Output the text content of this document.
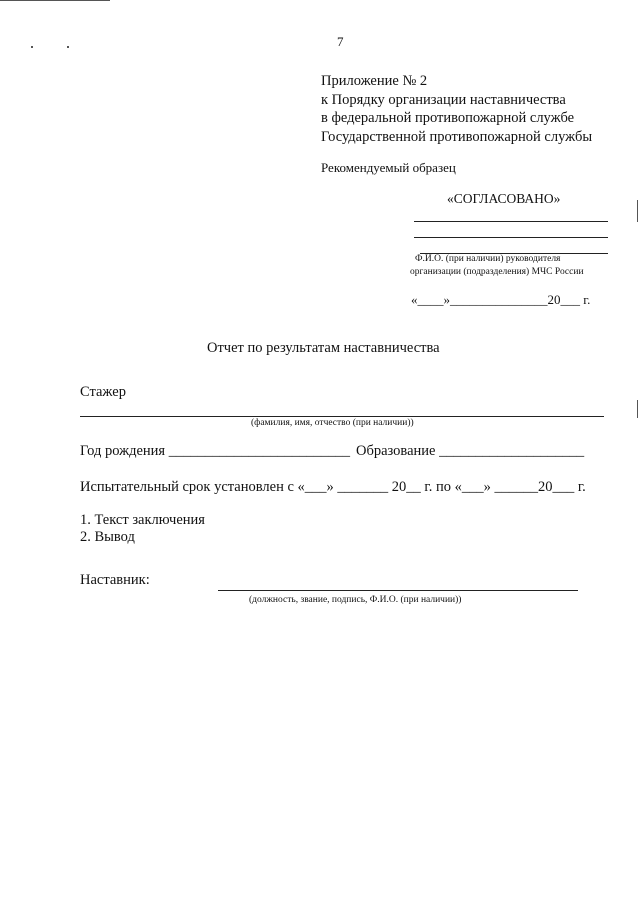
7
Приложение № 2
к Порядку организации наставничества
в федеральной противопожарной службе
Государственной противопожарной службы
Рекомендуемый образец
«СОГЛАСОВАНО»
Ф.И.О. (при наличии) руководителя
организации (подразделения) МЧС России
«____»_______________20___ г.
Отчет по результатам наставничества
Стажер
(фамилия, имя, отчество (при наличии))
Год рождения _________________________ Образование ____________________
Испытательный срок установлен с «___» _______ 20__ г. по «___» ______20___ г.
1. Текст заключения
2. Вывод
Наставник:
(должность, звание, подпись, Ф.И.О. (при наличии))
